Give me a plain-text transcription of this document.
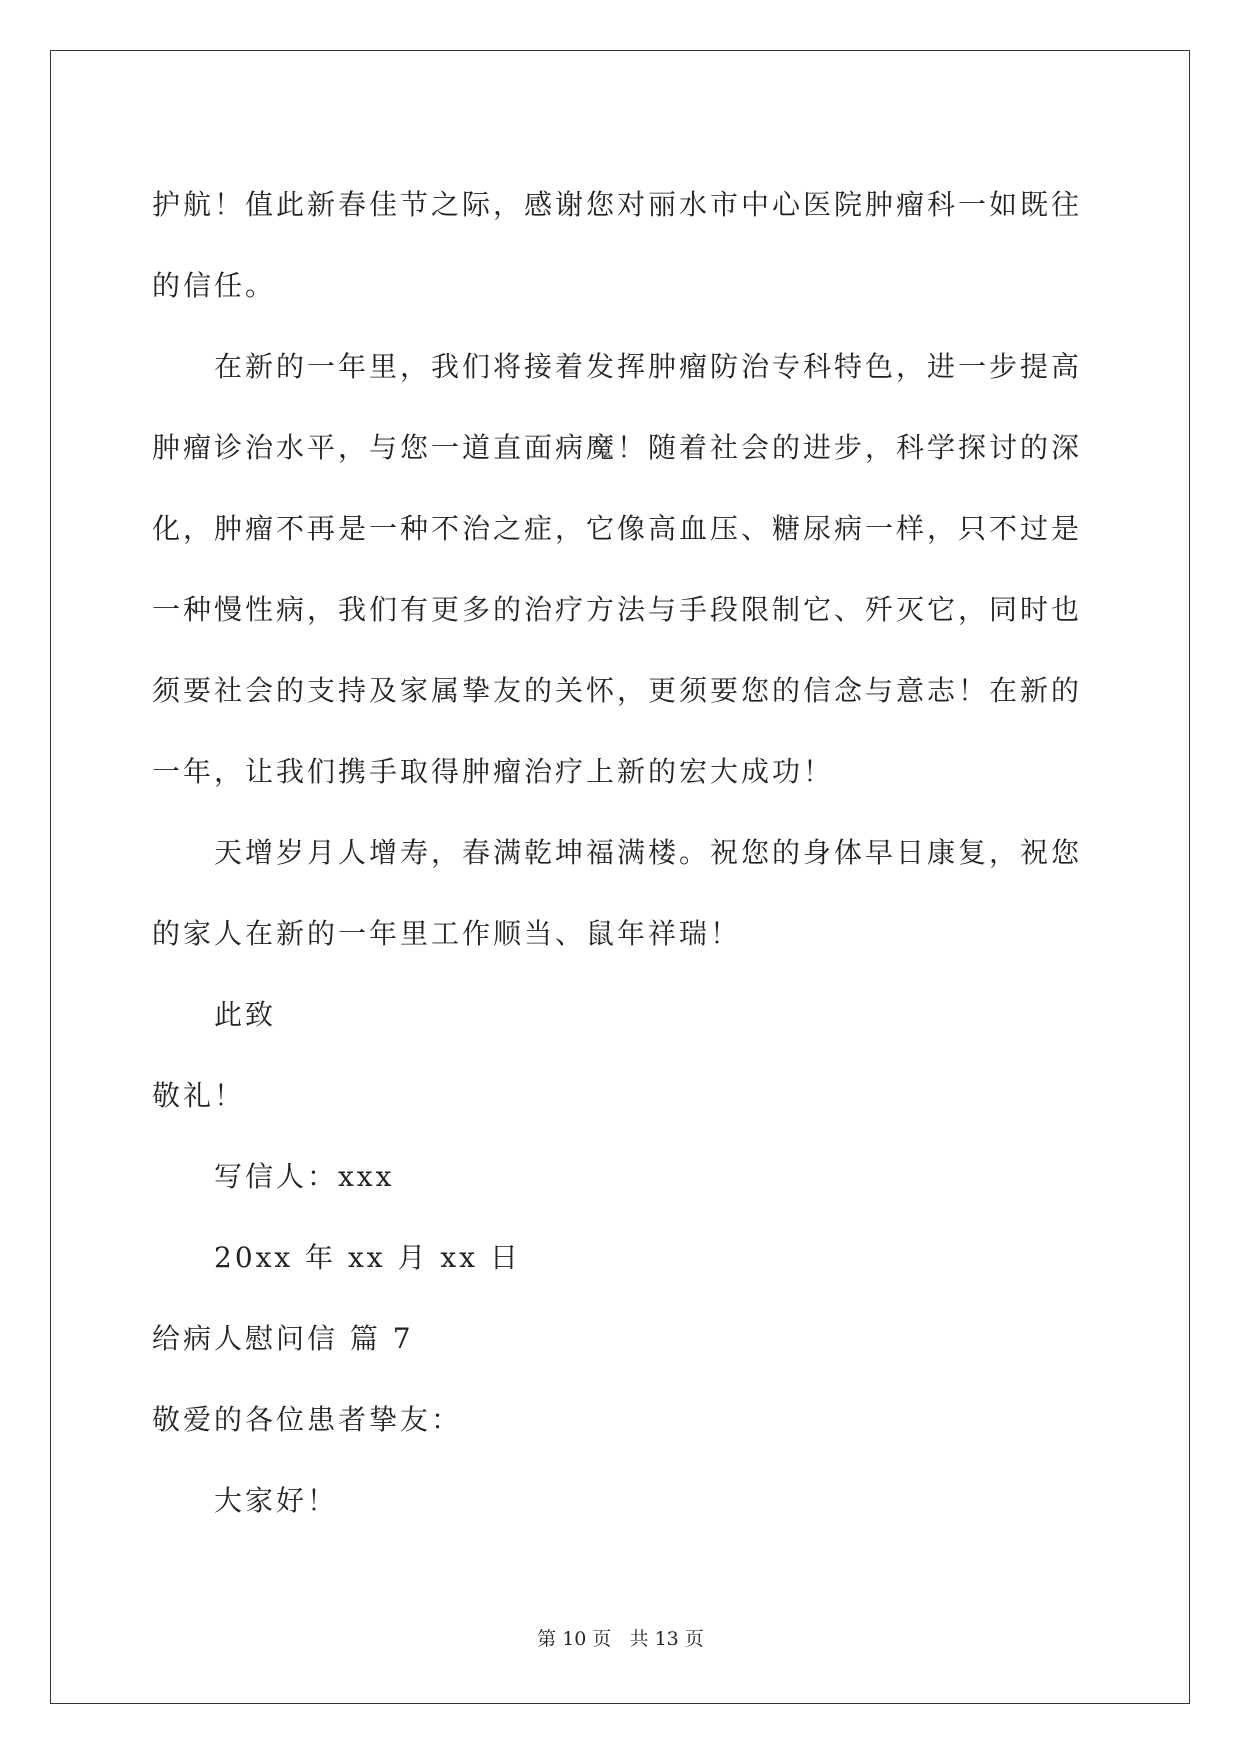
护航！值此新春佳节之际，感谢您对丽水市中心医院肿瘤科一如既往
的信任。
在新的一年里，我们将接着发挥肿瘤防治专科特色，进一步提高
肿瘤诊治水平，与您一道直面病魔！随着社会的进步，科学探讨的深
化，肿瘤不再是一种不治之症，它像高血压、糖尿病一样，只不过是
一种慢性病，我们有更多的治疗方法与手段限制它、歼灭它，同时也
须要社会的支持及家属挚友的关怀，更须要您的信念与意志！在新的
一年，让我们携手取得肿瘤治疗上新的宏大成功！
天增岁月人增寿，春满乾坤福满楼。祝您的身体早日康复，祝您
的家人在新的一年里工作顺当、鼠年祥瑞！
此致
敬礼！
写信人：xxx
20xx 年 xx 月 xx 日
给病人慰问信 篇 7
敬爱的各位患者挚友：
大家好！
第 10 页   共 13 页
